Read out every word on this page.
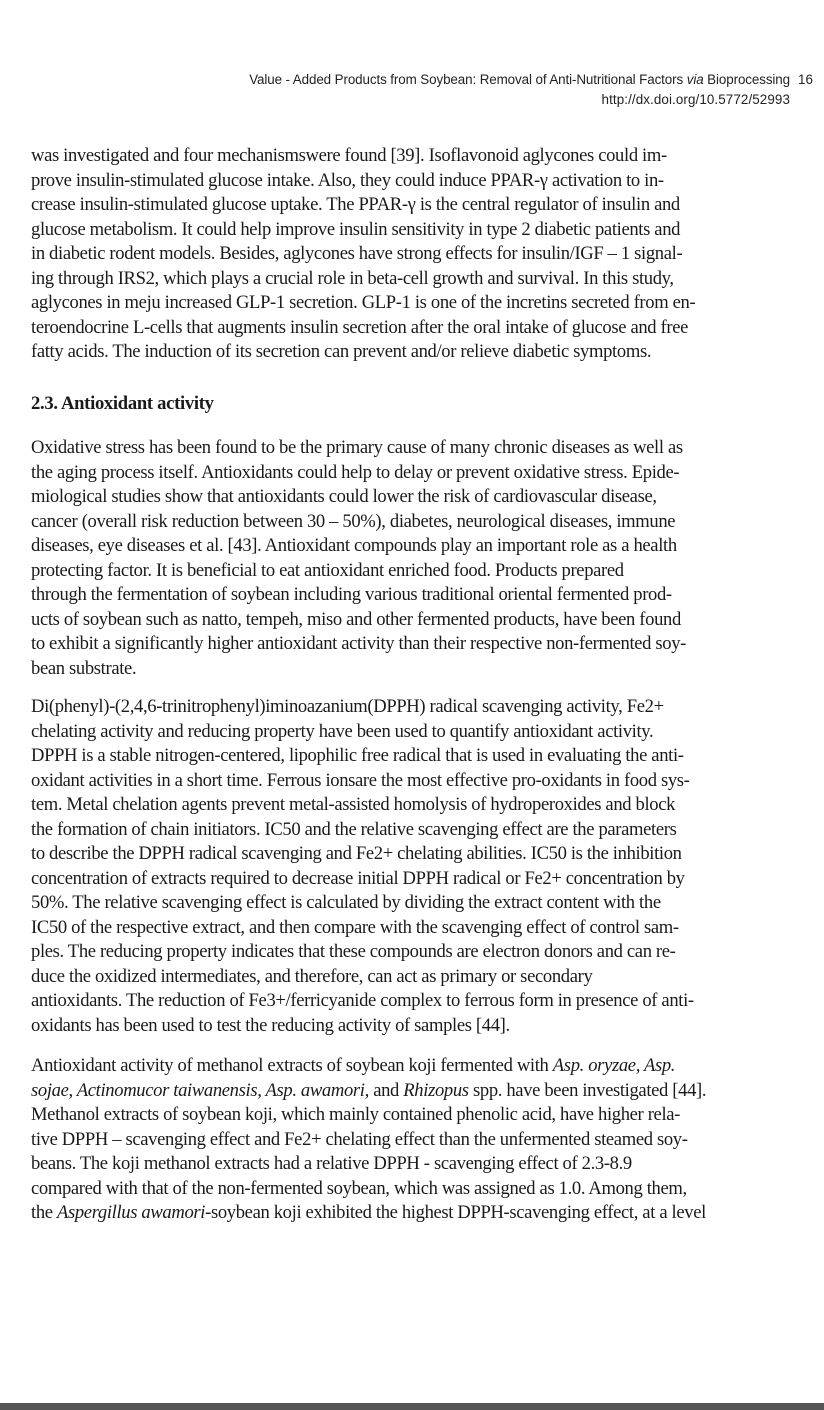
Value - Added Products from Soybean: Removal of Anti-Nutritional Factors via Bioprocessing 16
http://dx.doi.org/10.5772/52993
was investigated and four mechanismswere found [39]. Isoflavonoid aglycones could im-
prove insulin-stimulated glucose intake. Also, they could induce PPAR-γ activation to in-
crease insulin-stimulated glucose uptake. The PPAR-γ is the central regulator of insulin and
glucose metabolism. It could help improve insulin sensitivity in type 2 diabetic patients and
in diabetic rodent models. Besides, aglycones have strong effects for insulin/IGF – 1 signal-
ing through IRS2, which plays a crucial role in beta-cell growth and survival. In this study,
aglycones in meju increased GLP-1 secretion. GLP-1 is one of the incretins secreted from en-
teroendocrine L-cells that augments insulin secretion after the oral intake of glucose and free
fatty acids. The induction of its secretion can prevent and/or relieve diabetic symptoms.
2.3. Antioxidant activity
Oxidative stress has been found to be the primary cause of many chronic diseases as well as
the aging process itself. Antioxidants could help to delay or prevent oxidative stress. Epide-
miological studies show that antioxidants could lower the risk of cardiovascular disease,
cancer (overall risk reduction between 30 – 50%), diabetes, neurological diseases, immune
diseases, eye diseases et al. [43]. Antioxidant compounds play an important role as a health
protecting factor. It is beneficial to eat antioxidant enriched food. Products prepared
through the fermentation of soybean including various traditional oriental fermented prod-
ucts of soybean such as natto, tempeh, miso and other fermented products, have been found
to exhibit a significantly higher antioxidant activity than their respective non-fermented soy-
bean substrate.
Di(phenyl)-(2,4,6-trinitrophenyl)iminoazanium(DPPH) radical scavenging activity, Fe2+
chelating activity and reducing property have been used to quantify antioxidant activity.
DPPH is a stable nitrogen-centered, lipophilic free radical that is used in evaluating the anti-
oxidant activities in a short time. Ferrous ionsare the most effective pro-oxidants in food sys-
tem. Metal chelation agents prevent metal-assisted homolysis of hydroperoxides and block
the formation of chain initiators. IC50 and the relative scavenging effect are the parameters
to describe the DPPH radical scavenging and Fe2+ chelating abilities. IC50 is the inhibition
concentration of extracts required to decrease initial DPPH radical or Fe2+ concentration by
50%. The relative scavenging effect is calculated by dividing the extract content with the
IC50 of the respective extract, and then compare with the scavenging effect of control sam-
ples. The reducing property indicates that these compounds are electron donors and can re-
duce the oxidized intermediates, and therefore, can act as primary or secondary
antioxidants. The reduction of Fe3+/ferricyanide complex to ferrous form in presence of anti-
oxidants has been used to test the reducing activity of samples [44].
Antioxidant activity of methanol extracts of soybean koji fermented with Asp. oryzae, Asp.
sojae, Actinomucor taiwanensis, Asp. awamori, and Rhizopus spp. have been investigated [44].
Methanol extracts of soybean koji, which mainly contained phenolic acid, have higher rela-
tive DPPH – scavenging effect and Fe2+ chelating effect than the unfermented steamed soy-
beans. The koji methanol extracts had a relative DPPH - scavenging effect of 2.3-8.9
compared with that of the non-fermented soybean, which was assigned as 1.0. Among them,
the Aspergillus awamori-soybean koji exhibited the highest DPPH-scavenging effect, at a level
